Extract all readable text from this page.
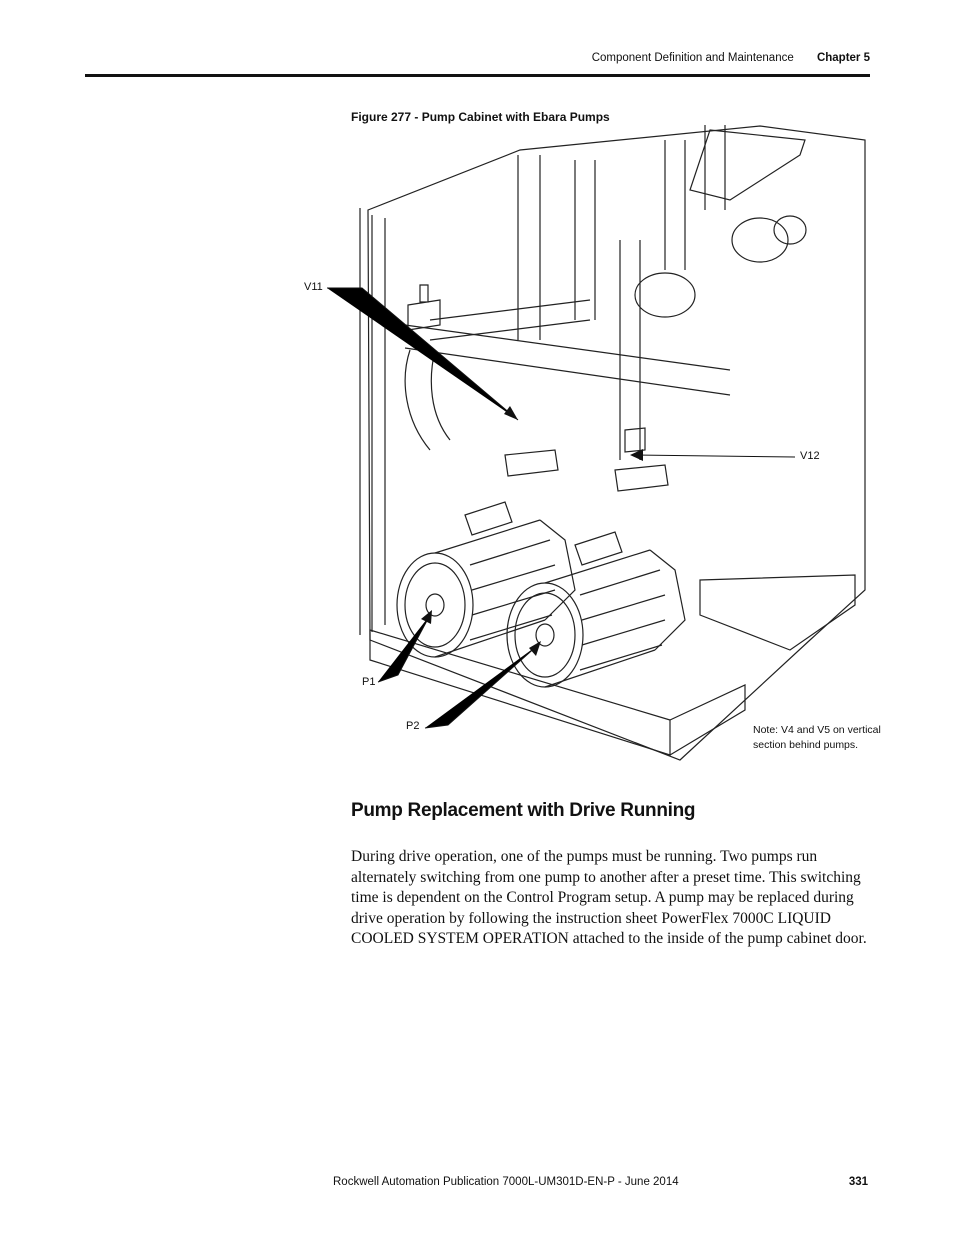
Component Definition and Maintenance Chapter 5
Figure 277 - Pump Cabinet with Ebara Pumps
V11
V12
P1
P2	Note: V4 and V5 on vertical section behind pumps.
Pump Replacement with Drive Running
During drive operation, one of the pumps must be running. Two pumps run alternately switching from one pump to another after a preset time. This switching time is dependent on the Control Program setup. A pump may be replaced during drive operation by following the instruction sheet PowerFlex 7000C LIQUID COOLED SYSTEM OPERATION attached to the inside of the pump cabinet door.
Rockwell Automation Publication 7000L-UM301D-EN-P - June 2014	331
